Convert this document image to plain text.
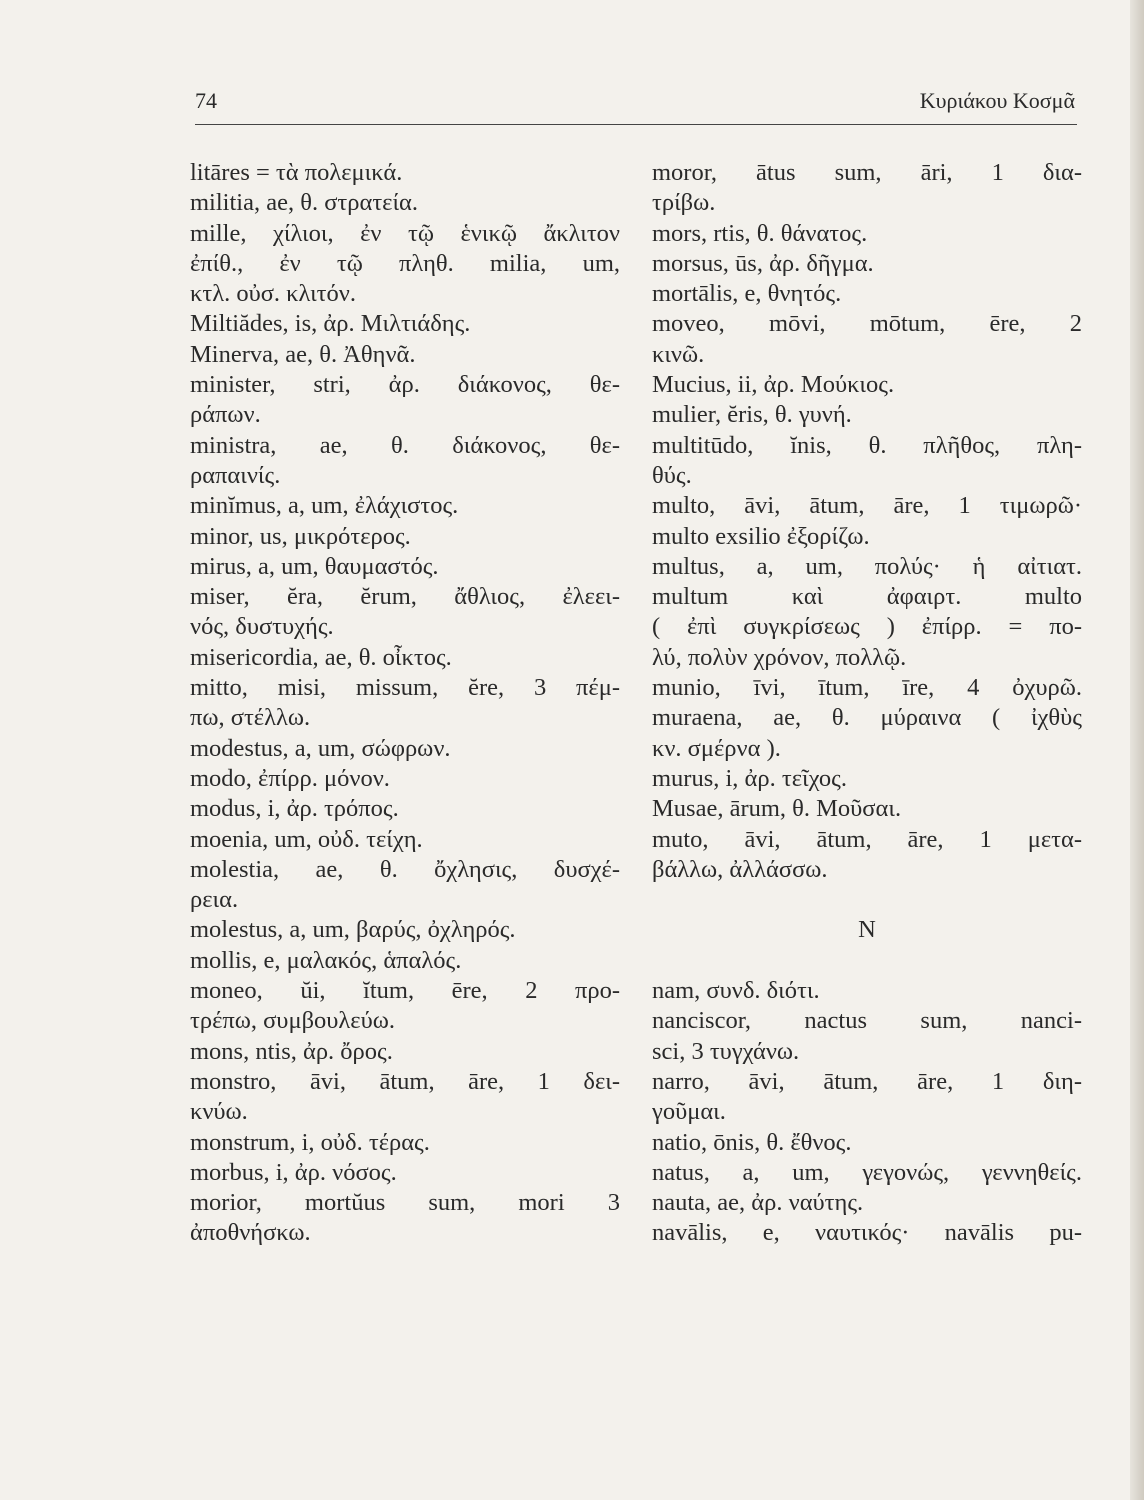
74	Κυριάκου Κοσμᾶ
litāres = τὰ πολεμικά.
militia, ae, θ. στρατεία.
mille, χίλιοι, ἐν τῷ ἑνικῷ ἄκλιτον
ἐπίθ., ἐν τῷ πληθ. milia, um,
κτλ. οὐσ. κλιτόν.
Miltiădes, is, ἀρ. Μιλτιάδης.
Minerva, ae, θ. Ἀθηνᾶ.
minister, stri, ἀρ. διάκονος, θε-
ράπων.
ministra, ae, θ. διάκονος, θε-
ραπαινίς.
minĭmus, a, um, ἐλάχιστος.
minor, us, μικρότερος.
mirus, a, um, θαυμαστός.
miser, ĕra, ĕrum, ἄθλιος, ἐλεει-
νός, δυστυχής.
misericordia, ae, θ. οἶκτος.
mitto, misi, missum, ĕre, 3 πέμ-
πω, στέλλω.
modestus, a, um, σώφρων.
modo, ἐπίρρ. μόνον.
modus, i, ἀρ. τρόπος.
moenia, um, οὐδ. τείχη.
molestia, ae, θ. ὄχλησις, δυσχέ-
ρεια.
molestus, a, um, βαρύς, ὀχληρός.
mollis, e, μαλακός, ἁπαλός.
moneo, ŭi, ĭtum, ēre, 2 προ-
τρέπω, συμβουλεύω.
mons, ntis, ἀρ. ὄρος.
monstro, āvi, ātum, āre, 1 δει-
κνύω.
monstrum, i, οὐδ. τέρας.
morbus, i, ἀρ. νόσος.
morior, mortŭus sum, mori 3
ἀποθνήσκω.
moror, ātus sum, āri, 1 δια-
τρίβω.
mors, rtis, θ. θάνατος.
morsus, ūs, ἀρ. δῆγμα.
mortālis, e, θνητός.
moveo, mōvi, mōtum, ēre, 2
κινῶ.
Mucius, ii, ἀρ. Μούκιος.
mulier, ĕris, θ. γυνή.
multitūdo, ĭnis, θ. πλῆθος, πλη-
θύς.
multo, āvi, ātum, āre, 1 τιμωρῶ·
multo exsilio ἐξορίζω.
multus, a, um, πολύς· ἡ αἰτιατ.
multum καὶ ἀφαιρτ. multo
( ἐπὶ συγκρίσεως ) ἐπίρρ. = πο-
λύ, πολὺν χρόνον, πολλῷ.
munio, īvi, ītum, īre, 4 ὀχυρῶ.
muraena, ae, θ. μύραινα ( ἰχθὺς
κν. σμέρνα ).
murus, i, ἀρ. τεῖχος.
Musae, ārum, θ. Μοῦσαι.
muto, āvi, ātum, āre, 1 μετα-
βάλλω, ἀλλάσσω.
N
nam, συνδ. διότι.
nanciscor, nactus sum, nanci-
sci, 3 τυγχάνω.
narro, āvi, ātum, āre, 1 διη-
γοῦμαι.
natio, ōnis, θ. ἔθνος.
natus, a, um, γεγονώς, γεννηθείς.
nauta, ae, ἀρ. ναύτης.
navālis, e, ναυτικός· navālis pu-
